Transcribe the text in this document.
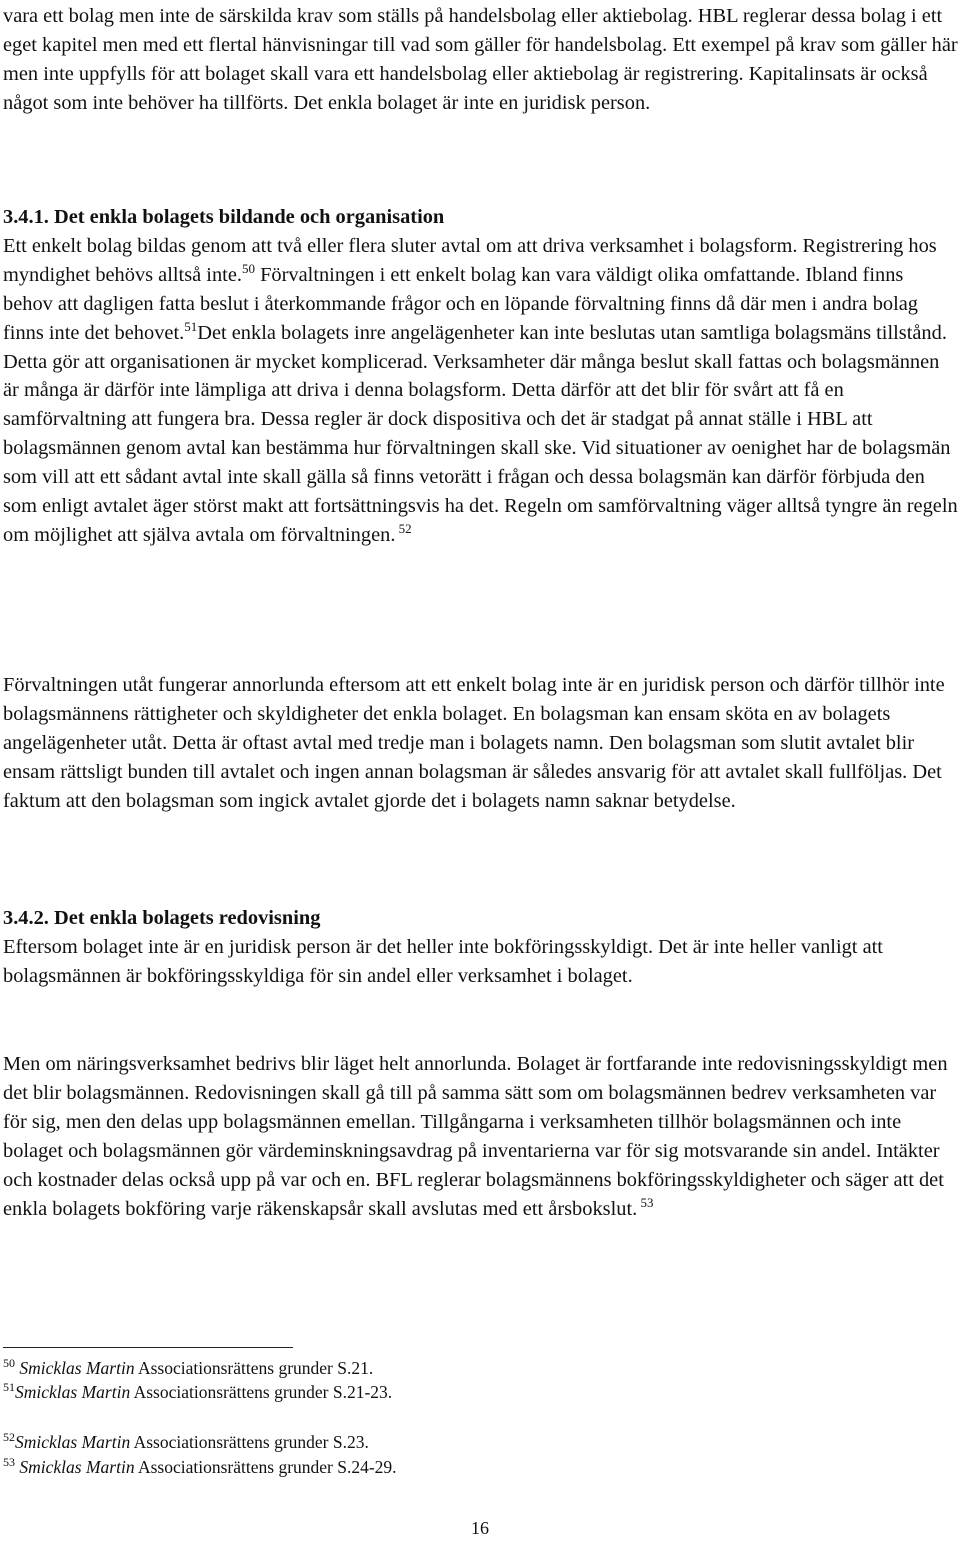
vara ett bolag men inte de särskilda krav som ställs på handelsbolag eller aktiebolag. HBL reglerar dessa bolag i ett eget kapitel men med ett flertal hänvisningar till vad som gäller för handelsbolag. Ett exempel på krav som gäller här men inte uppfylls för att bolaget skall vara ett handelsbolag eller aktiebolag är registrering. Kapitalinsats är också något som inte behöver ha tillförts. Det enkla bolaget är inte en juridisk person.

3.4.1. Det enkla bolagets bildande och organisation

Ett enkelt bolag bildas genom att två eller flera sluter avtal om att driva verksamhet i bolagsform. Registrering hos myndighet behövs alltså inte.$^{50}$ Förvaltningen i ett enkelt bolag kan vara väldigt olika omfattande. Ibland finns behov att dagligen fatta beslut i återkommande frågor och en löpande förvaltning finns då där men i andra bolag finns inte det behovet.$^{51}$Det enkla bolagets inre angelägenheter kan inte beslutas utan samtliga bolagsmäns tillstånd. Detta gör att organisationen är mycket komplicerad. Verksamheter där många beslut skall fattas och bolagsmännen är många är därför inte lämpliga att driva i denna bolagsform. Detta därför att det blir för svårt att få en samförvaltning att fungera bra. Dessa regler är dock dispositiva och det är stadgat på annat ställe i HBL att bolagsmännen genom avtal kan bestämma hur förvaltningen skall ske. Vid situationer av oenighet har de bolagsmän som vill att ett sådant avtal inte skall gälla så finns vetorätt i frågan och dessa bolagsmän kan därför förbjuda den som enligt avtalet äger störst makt att fortsättningsvis ha det. Regeln om samförvaltning väger alltså tyngre än regeln om möjlighet att själva avtala om förvaltningen. $^{52}$

Förvaltningen utåt fungerar annorlunda eftersom att ett enkelt bolag inte är en juridisk person och därför tillhör inte bolagsmännens rättigheter och skyldigheter det enkla bolaget. En bolagsman kan ensam sköta en av bolagets angelägenheter utåt. Detta är oftast avtal med tredje man i bolagets namn. Den bolagsman som slutit avtalet blir ensam rättsligt bunden till avtalet och ingen annan bolagsman är således ansvarig för att avtalet skall fullföljas. Det faktum att den bolagsman som ingick avtalet gjorde det i bolagets namn saknar betydelse.

3.4.2. Det enkla bolagets redovisning

Eftersom bolaget inte är en juridisk person är det heller inte bokföringsskyldigt. Det är inte heller vanligt att bolagsmännen är bokföringsskyldiga för sin andel eller verksamhet i bolaget.

Men om näringsverksamhet bedrivs blir läget helt annorlunda. Bolaget är fortfarande inte redovisningsskyldigt men det blir bolagsmännen. Redovisningen skall gå till på samma sätt som om bolagsmännen bedrev verksamheten var för sig, men den delas upp bolagsmännen emellan. Tillgångarna i verksamheten tillhör bolagsmännen och inte bolaget och bolagsmännen gör värdeminskningsavdrag på inventarierna var för sig motsvarande sin andel. Intäkter och kostnader delas också upp på var och en. BFL reglerar bolagsmännens bokföringsskyldigheter och säger att det enkla bolagets bokföring varje räkenskapsår skall avslutas med ett årsbokslut. $^{53}$

$^{50}$ Smicklas Martin Associationsrättens grunder S.21.
$^{51}$Smicklas Martin Associationsrättens grunder S.21-23.
$^{52}$Smicklas Martin Associationsrättens grunder S.23.
$^{53}$ Smicklas Martin Associationsrättens grunder S.24-29.
16
